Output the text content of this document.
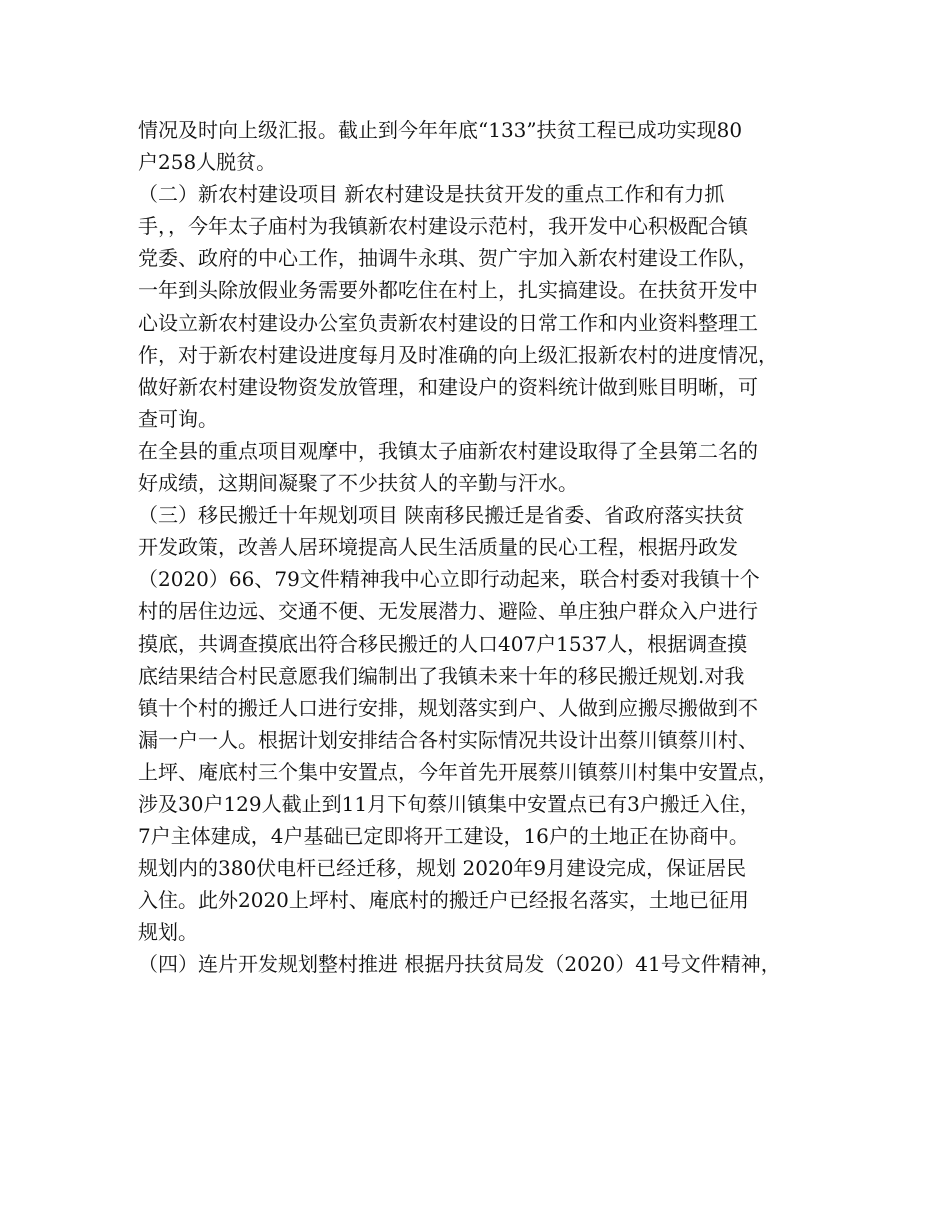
情况及时向上级汇报。截止到今年年底“133”扶贫工程已成功实现80
户258人脱贫。
（二）新农村建设项目 新农村建设是扶贫开发的重点工作和有力抓
手，，今年太子庙村为我镇新农村建设示范村，我开发中心积极配合镇
党委、政府的中心工作，抽调牛永琪、贺广宇加入新农村建设工作队，
一年到头除放假业务需要外都吃住在村上，扎实搞建设。在扶贫开发中
心设立新农村建设办公室负责新农村建设的日常工作和内业资料整理工
作，对于新农村建设进度每月及时准确的向上级汇报新农村的进度情况，
做好新农村建设物资发放管理，和建设户的资料统计做到账目明晰，可
查可询。
在全县的重点项目观摩中，我镇太子庙新农村建设取得了全县第二名的
好成绩，这期间凝聚了不少扶贫人的辛勤与汗水。
（三）移民搬迁十年规划项目 陕南移民搬迁是省委、省政府落实扶贫
开发政策，改善人居环境提高人民生活质量的民心工程，根据丹政发
（2020）66、79文件精神我中心立即行动起来，联合村委对我镇十个
村的居住边远、交通不便、无发展潜力、避险、单庄独户群众入户进行
摸底，共调查摸底出符合移民搬迁的人口407户1537人，根据调查摸
底结果结合村民意愿我们编制出了我镇未来十年的移民搬迁规划.对我
镇十个村的搬迁人口进行安排，规划落实到户、人做到应搬尽搬做到不
漏一户一人。根据计划安排结合各村实际情况共设计出蔡川镇蔡川村、
上坪、庵底村三个集中安置点，今年首先开展蔡川镇蔡川村集中安置点，
涉及30户129人截止到11月下旬蔡川镇集中安置点已有3户搬迁入住，
7户主体建成，4户基础已定即将开工建设，16户的土地正在协商中。
规划内的380伏电杆已经迁移，规划 2020年9月建设完成，保证居民
入住。此外2020上坪村、庵底村的搬迁户已经报名落实，土地已征用
规划。
（四）连片开发规划整村推进 根据丹扶贫局发（2020）41号文件精神，
